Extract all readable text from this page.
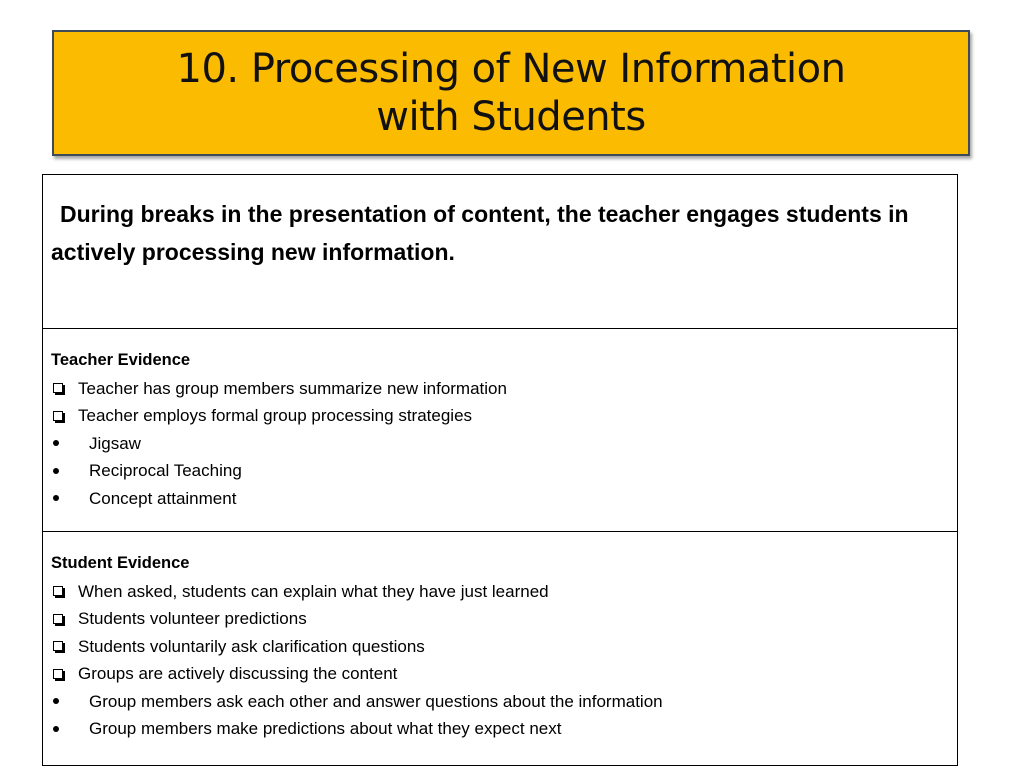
10. Processing of New Information
with Students
During breaks in the presentation of content, the teacher engages students in actively processing new information.
Teacher Evidence
Teacher has group members summarize new information
Teacher employs formal group processing strategies
Jigsaw
Reciprocal Teaching
Concept attainment
Student Evidence
When asked, students can explain what they have just learned
Students volunteer predictions
Students voluntarily ask clarification questions
Groups are actively discussing the content
Group members ask each other and answer questions about the information
Group members make predictions about what they expect next
